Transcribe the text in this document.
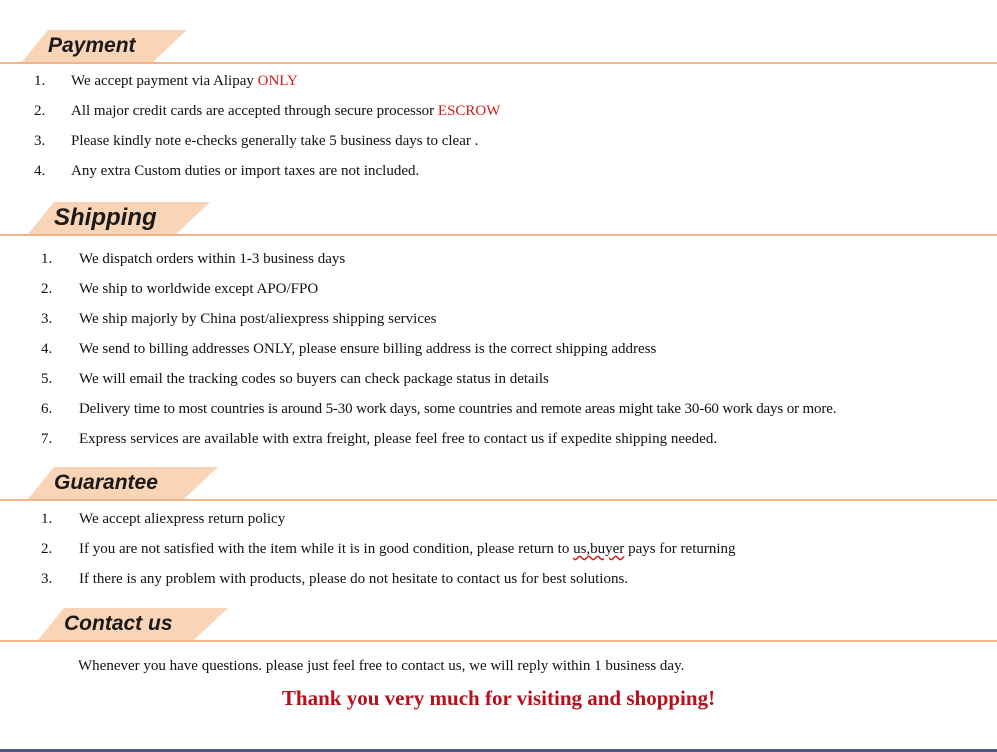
Payment
1. We accept payment via Alipay ONLY
2. All major credit cards are accepted through secure processor ESCROW
3. Please kindly note e-checks generally take 5 business days to clear .
4. Any extra Custom duties or import taxes are not included.
Shipping
1. We dispatch orders within 1-3 business days
2. We ship to worldwide except APO/FPO
3. We ship majorly by China post/aliexpress shipping services
4. We send to billing addresses ONLY, please ensure billing address is the correct shipping address
5. We will email the tracking codes so buyers can check package status in details
6. Delivery time to most countries is around 5-30 work days, some countries and remote areas might take 30-60 work days or more.
7. Express services are available with extra freight, please feel free to contact us if expedite shipping needed.
Guarantee
1. We accept aliexpress return policy
2. If you are not satisfied with the item while it is in good condition, please return to us,buyer pays for returning
3. If there is any problem with products, please do not hesitate to contact us for best solutions.
Contact us
Whenever you have questions. please just feel free to contact us, we will reply within 1 business day.
Thank you very much for visiting and shopping!
